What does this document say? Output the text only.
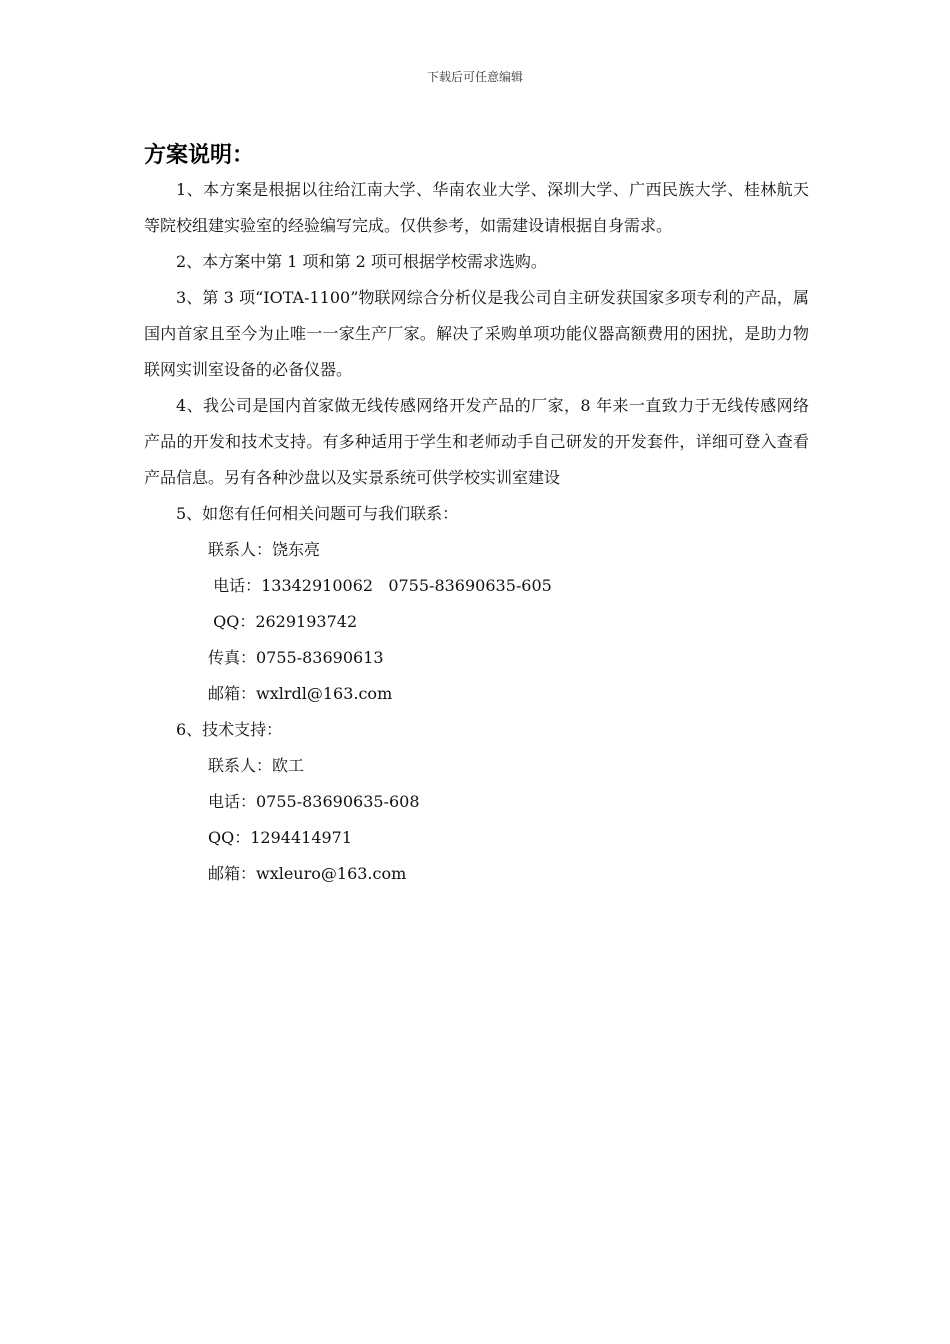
下载后可任意编辑
方案说明：

1、本方案是根据以往给江南大学、华南农业大学、深圳大学、广西民族大学、桂林航天等院校组建实验室的经验编写完成。仅供参考，如需建设请根据自身需求。

2、本方案中第 1 项和第 2 项可根据学校需求选购。

3、第 3 项“IOTA-1100”物联网综合分析仪是我公司自主研发获国家多项专利的产品，属国内首家且至今为止唯一一家生产厂家。解决了采购单项功能仪器高额费用的困扰，是助力物联网实训室设备的必备仪器。

4、我公司是国内首家做无线传感网络开发产品的厂家，8 年来一直致力于无线传感网络产品的开发和技术支持。有多种适用于学生和老师动手自己研发的开发套件，详细可登入查看产品信息。另有各种沙盘以及实景系统可供学校实训室建设

5、如您有任何相关问题可与我们联系：

联系人：饶东亮

电话：13342910062   0755-83690635-605

QQ：2629193742

传真：0755-83690613

邮箱：wxlrdl@163.com

6、技术支持：

联系人：欧工

电话：0755-83690635-608

QQ：1294414971

邮箱：wxleuro@163.com
